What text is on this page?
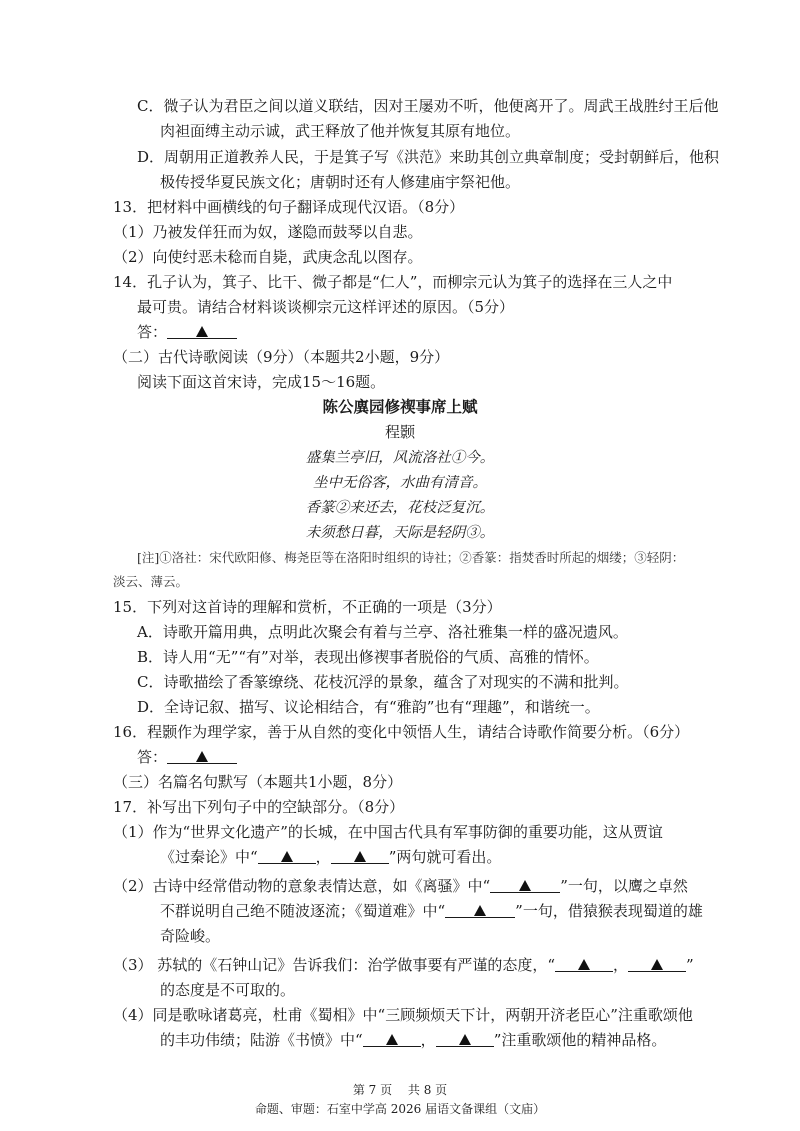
C．微子认为君臣之间以道义联结，因对王屡劝不听，他便离开了。周武王战胜纣王后他
肉袒面缚主动示诚，武王释放了他并恢复其原有地位。
D．周朝用正道教养人民，于是箕子写《洪范》来助其创立典章制度；受封朝鲜后，他积
极传授华夏民族文化；唐朝时还有人修建庙宇祭祀他。
13．把材料中画横线的句子翻译成现代汉语。（8分）
（1）乃被发佯狂而为奴，遂隐而鼓琴以自悲。
（2）向使纣恶未稔而自毙，武庚念乱以图存。
14．孔子认为，箕子、比干、微子都是“仁人”，而柳宗元认为箕子的选择在三人之中
最可贵。请结合材料谈谈柳宗元这样评述的原因。（5分）
答：
（二）古代诗歌阅读（9分）（本题共2小题，9分）
阅读下面这首宋诗，完成15～16题。
陈公廙园修禊事席上赋
程颢
盛集兰亭旧，风流洛社①今。
坐中无俗客，水曲有清音。
香篆②来还去，花枝泛复沉。
未须愁日暮，天际是轻阴③。
[注]①洛社：宋代欧阳修、梅尧臣等在洛阳时组织的诗社；②香篆：指焚香时所起的烟缕；③轻阴：
淡云、薄云。
15．下列对这首诗的理解和赏析，不正确的一项是（3分）
A．诗歌开篇用典，点明此次聚会有着与兰亭、洛社雅集一样的盛况遗风。
B．诗人用“无”“有”对举，表现出修禊事者脱俗的气质、高雅的情怀。
C．诗歌描绘了香篆缭绕、花枝沉浮的景象，蕴含了对现实的不满和批判。
D．全诗记叙、描写、议论相结合，有“雅韵”也有“理趣”，和谐统一。
16．程颢作为理学家，善于从自然的变化中领悟人生，请结合诗歌作简要分析。（6分）
答：
（三）名篇名句默写（本题共1小题，8分）
17．补写出下列句子中的空缺部分。（8分）
（1）作为“世界文化遗产”的长城，在中国古代具有军事防御的重要功能，这从贾谊
《过秦论》中“	，	”两句就可看出。
（2）古诗中经常借动物的意象表情达意，如《离骚》中“	”一句，以鹰之卓然
不群说明自己绝不随波逐流；《蜀道难》中“	”一句，借猿猴表现蜀道的雄
奇险峻。
（3） 苏轼的《石钟山记》告诉我们：治学做事要有严谨的态度，“	，	”
的态度是不可取的。
（4）同是歌咏诸葛亮，杜甫《蜀相》中“三顾频烦天下计，两朝开济老臣心”注重歌颂他
的丰功伟绩；陆游《书愤》中“	，	”注重歌颂他的精神品格。
第 7 页　 共 8 页
命题、审题：石室中学高 2026 届语文备课组（文庙）
